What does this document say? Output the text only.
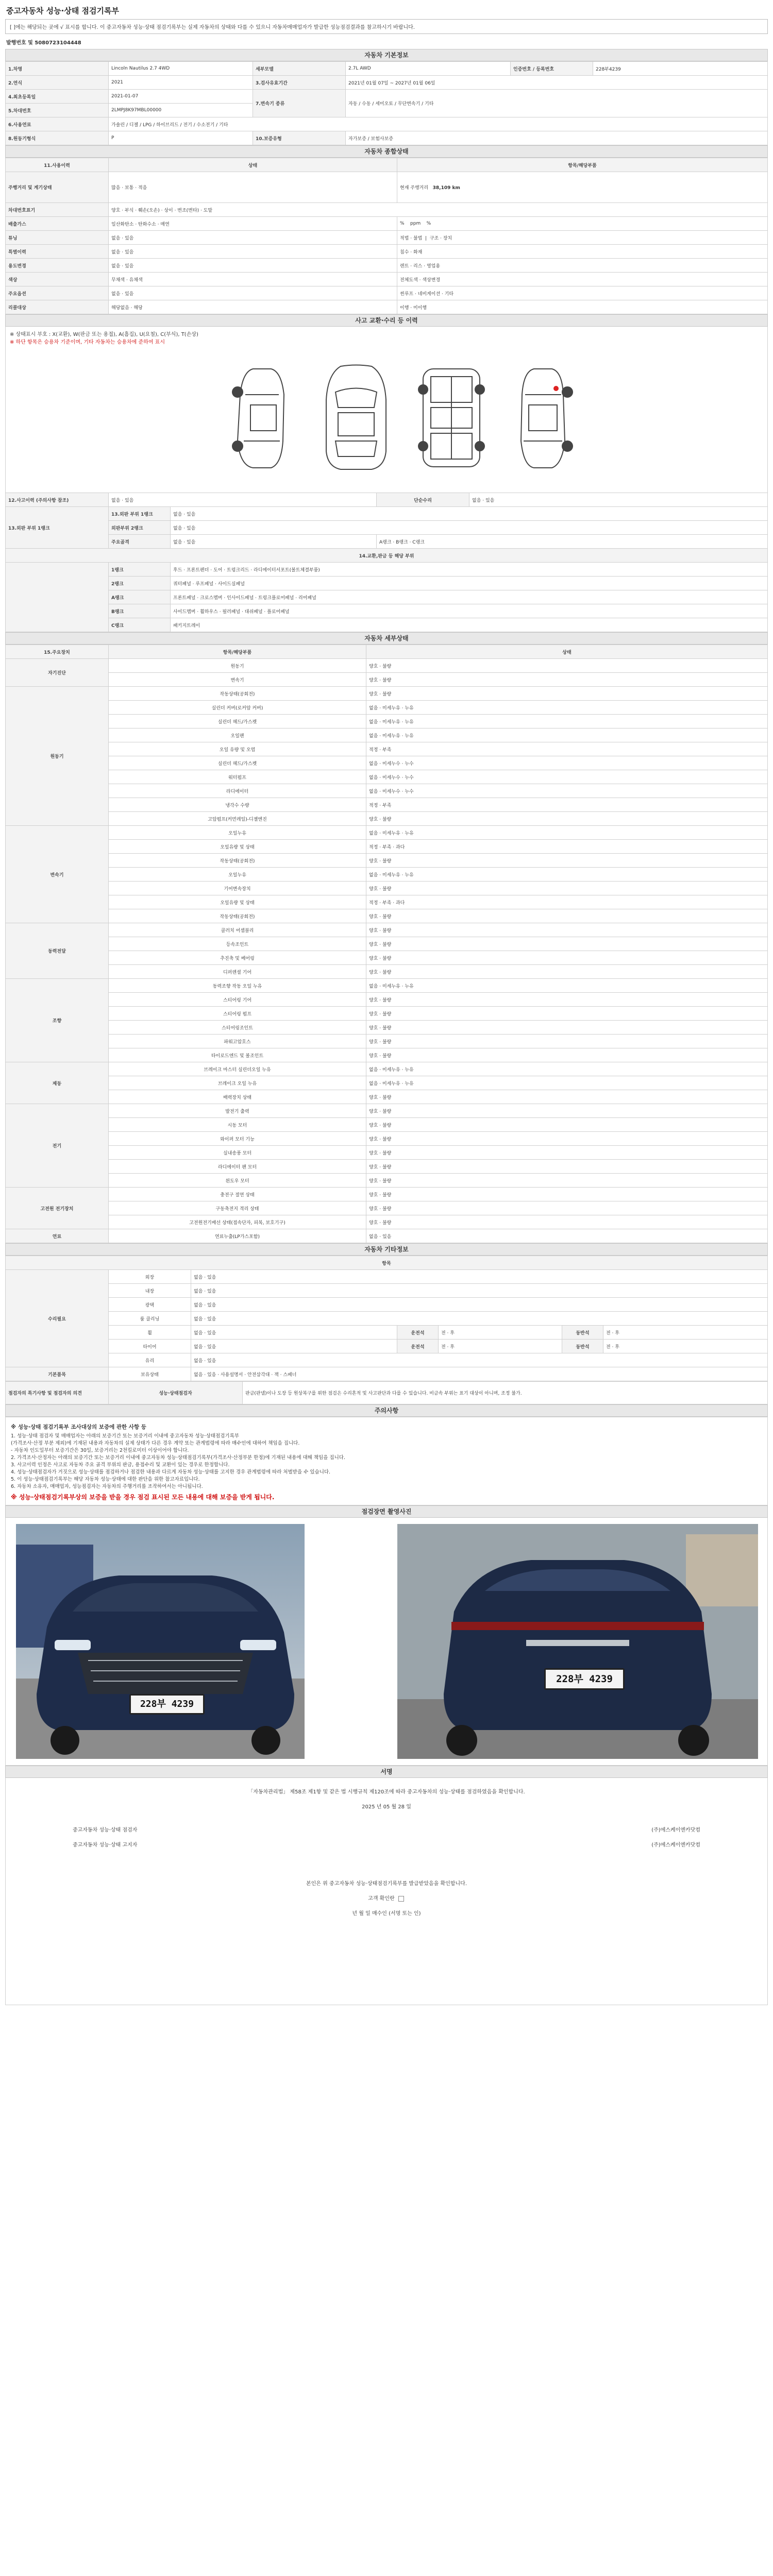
중고자동차 성능·상태 점검기록부
[ ]에는 해당되는 곳에 √ 표시를 합니다. 이 중고자동차 성능·상태 점검기록부는 실제 자동차의 상태와 다를 수 있으니 자동차매매업자가 발급한 성능점검결과를 참고하시기 바랍니다.
발행번호 및 5080723104448
자동차 기본정보
1.차명	Lincoln Nautilus 2.7 4WD	세부모델	2.7L AWD	인증번호 / 등록번호	228부4239
2.연식	2021	3.검사유효기간	2021년 01월 07일 ~ 2027년 01월 06일		
4.최초등록일	2021-01-07	7.변속기 종류	자동 / 수동 / 세미오토 / 무단변속기 / 기타		
5.차대번호	2LMPJ8K97MBL00000				
6.사용연료	가솔린 / 디젤 / LPG / 하이브리드 / 전기 / 수소전기 / 기타				
8.원동기형식	P	10.보증유형	자가보증 / 보험사보증		
자동차 종합상태
11.사용이력	상태	항목/해당부품
주행거리 및 계기상태	많음 · 보통 · 적음	현재 주행거리 38,109 km
차대번호표기	양호 · 부식 · 훼손(오손) · 상이 · 변조(변타) · 도말	
배출가스	일산화탄소 · 탄화수소 · 매연	% ppm %
튜닝	없음 · 있음	적법 · 불법  |  구조 · 장치
특별이력	없음 · 있음	침수 · 화재
용도변경	없음 · 있음	렌트 · 리스 · 영업용
색상	무채색 · 유채색	전체도색 · 색상변경
주요옵션	없음 · 있음	썬루프 · 네비게이션 · 기타
리콜대상	해당없음 · 해당	이행 · 미이행
사고 교환·수리 등 이력
※ 상태표시 부호 : X(교환), W(판금 또는 용접), A(흠집), U(요철), C(부식), T(손상)
※ 하단 항목은 승용차 기준이며, 기타 자동차는 승용차에 준하여 표시
12.사고이력 (주의사항 참조)	없음 · 있음		단순수리	없음 · 있음
13.외판 부위 1랭크	13.외판 부위 1랭크	없음 · 있음		
	외판부위 2랭크	없음 · 있음		
	주요골격	없음 · 있음	A랭크 · B랭크 · C랭크	
14.교환,판금 등 해당 부위				
	1랭크	후드 · 프론트펜더 · 도어 · 트렁크리드 · 라디에이터서포트(볼트체결부품)		
	2랭크	쿼터패널 · 루프패널 · 사이드실패널		
	A랭크	프론트패널 · 크로스멤버 · 인사이드패널 · 트렁크플로어패널 · 리어패널		
	B랭크	사이드멤버 · 휠하우스 · 필러패널 · 대쉬패널 · 플로어패널		
	C랭크	패키지트레이		
자동차 세부상태
15.주요장치	항목/해당부품	상태
자기진단	원동기	양호 · 불량
	변속기	양호 · 불량
원동기	작동상태(공회전)	양호 · 불량
	실린더 커버(로커암 커버)	없음 · 미세누유 · 누유
	실린더 헤드/가스켓	없음 · 미세누유 · 누유
	오일팬	없음 · 미세누유 · 누유
	오일 유량 및 오염	적정 · 부족
	실린더 헤드/가스켓	없음 · 미세누수 · 누수
	워터펌프	없음 · 미세누수 · 누수
	라디에이터	없음 · 미세누수 · 누수
	냉각수 수량	적정 · 부족
	고압펌프(커먼레일)-디젤엔진	양호 · 불량
변속기	오일누유	없음 · 미세누유 · 누유
	오일유량 및 상태	적정 · 부족 · 과다
	작동상태(공회전)	양호 · 불량
	오일누유	없음 · 미세누유 · 누유
	기어변속장치	양호 · 불량
	오일유량 및 상태	적정 · 부족 · 과다
	작동상태(공회전)	양호 · 불량
동력전달	클러치 어셈블리	양호 · 불량
	등속조인트	양호 · 불량
	추진축 및 베어링	양호 · 불량
	디퍼렌셜 기어	양호 · 불량
조향	동력조향 작동 오일 누유	없음 · 미세누유 · 누유
	스티어링 기어	양호 · 불량
	스티어링 펌프	양호 · 불량
	스티어링조인트	양호 · 불량
	파워고압호스	양호 · 불량
	타이로드엔드 및 볼조인트	양호 · 불량
제동	브레이크 마스터 실린더오일 누유	없음 · 미세누유 · 누유
	브레이크 오일 누유	없음 · 미세누유 · 누유
	배력장치 상태	양호 · 불량
전기	발전기 출력	양호 · 불량
	시동 모터	양호 · 불량
	와이퍼 모터 기능	양호 · 불량
	실내송풍 모터	양호 · 불량
	라디에이터 팬 모터	양호 · 불량
	윈도우 모터	양호 · 불량
고전원 전기장치	충전구 절연 상태	양호 · 불량
	구동축전지 격리 상태	양호 · 불량
	고전원전기배선 상태(접속단자, 피복, 보호기구)	양호 · 불량
연료	연료누출(LP가스포함)	없음 · 있음
자동차 기타정보
항목						
수리필요	외장	없음 · 있음				
	내장	없음 · 있음				
	광택	없음 · 있음				
	룸 클리닝	없음 · 있음				
	휠	없음 · 있음	운전석	전 · 후	동반석	전 · 후
	타이어	없음 · 있음	운전석	전 · 후	동반석	전 · 후
	유리	없음 · 있음				
기본품목	보유상태	없음 · 있음 · 사용설명서 · 안전삼각대 · 잭 · 스패너				
점검자의 특기사항 및 점검자의 의견	성능·상태점검자	판금(판넬)이나 도장 등 원상복구를 위한 점검은 수리흔적 및 사고판단과 다를 수 있습니다. 비금속 부위는 표기 대상이 아니며, 조정 불가.
주의사항
※ 성능·상태 점검기록부 조사대상의 보증에 관한 사항 등
1. 성능·상태 점검자 및 매매업자는 아래의 보증기간 또는 보증거리 이내에 중고자동차 성능·상태점검기록부
(가격조사·산정 부분 제외)에 기재된 내용과 자동차의 실제 상태가 다른 경우 계약 또는 관계법령에 따라 매수인에 대하여 책임을 집니다.
- 자동차 인도일부터 보증기간은 30일, 보증거리는 2천킬로미터 이상이어야 합니다.
2. 가격조사·산정자는 아래의 보증기간 또는 보증거리 이내에 중고자동차 성능·상태점검기록부(가격조사·산정부분 한정)에 기재된 내용에 대해 책임을 집니다.
3. 사고이력 인정은 사고로 자동차 주요 골격 부위의 판금, 용접수리 및 교환이 있는 경우로 한정합니다.
4. 성능·상태점검자가 거짓으로 성능·상태를 점검하거나 점검한 내용과 다르게 자동차 성능·상태를 고지한 경우 관계법령에 따라 처벌받을 수 있습니다.
5. 이 성능·상태점검기록부는 해당 자동차 성능·상태에 대한 판단을 위한 참고자료입니다.
6. 자동차 소유자, 매매업자, 성능점검자는 자동차의 주행거리를 조작하여서는 아니됩니다.
※ 성능·상태점검기록부상의 보증을 받을 경우 점검 표시된 모든 내용에 대해 보증을 받게 됩니다.
점검장면 촬영사진
228부 4239
228부 4239
서명
「자동차관리법」 제58조 제1항 및 같은 법 시행규칙 제120조에 따라 중고자동차의 성능·상태를 점검하였음을 확인합니다.
2025 년 05 월 28 일
중고자동차 성능·상태 점검자	(주)에스케이엔카닷컴
중고자동차 성능·상태 고지자	(주)에스케이엔카닷컴
본인은 위 중고자동차 성능·상태점검기록부를 발급받았음을 확인합니다.
고객 확인란
년 월 일 매수인 (서명 또는 인)
